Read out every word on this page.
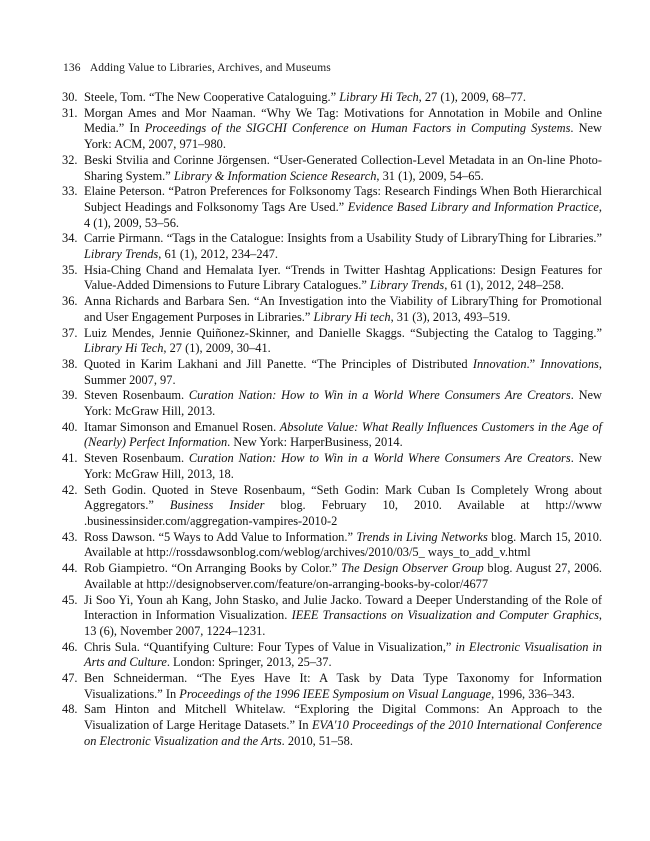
136 Adding Value to Libraries, Archives, and Museums
30. Steele, Tom. “The New Cooperative Cataloguing.” Library Hi Tech, 27 (1), 2009, 68–77.
31. Morgan Ames and Mor Naaman. “Why We Tag: Motivations for Annotation in Mobile and Online Media.” In Proceedings of the SIGCHI Conference on Human Factors in Computing Systems. New York: ACM, 2007, 971–980.
32. Beski Stvilia and Corinne Jörgensen. “User-Generated Collection-Level Metadata in an On-line Photo-Sharing System.” Library & Information Science Research, 31 (1), 2009, 54–65.
33. Elaine Peterson. “Patron Preferences for Folksonomy Tags: Research Findings When Both Hierarchical Subject Headings and Folksonomy Tags Are Used.” Evidence Based Library and Information Practice, 4 (1), 2009, 53–56.
34. Carrie Pirmann. “Tags in the Catalogue: Insights from a Usability Study of LibraryThing for Libraries.” Library Trends, 61 (1), 2012, 234–247.
35. Hsia-Ching Chand and Hemalata Iyer. “Trends in Twitter Hashtag Applications: Design Features for Value-Added Dimensions to Future Library Catalogues.” Library Trends, 61 (1), 2012, 248–258.
36. Anna Richards and Barbara Sen. “An Investigation into the Viability of LibraryThing for Promotional and User Engagement Purposes in Libraries.” Library Hi tech, 31 (3), 2013, 493–519.
37. Luiz Mendes, Jennie Quiñonez-Skinner, and Danielle Skaggs. “Subjecting the Catalog to Tagging.” Library Hi Tech, 27 (1), 2009, 30–41.
38. Quoted in Karim Lakhani and Jill Panette. “The Principles of Distributed Innovation.” Innovations, Summer 2007, 97.
39. Steven Rosenbaum. Curation Nation: How to Win in a World Where Consumers Are Creators. New York: McGraw Hill, 2013.
40. Itamar Simonson and Emanuel Rosen. Absolute Value: What Really Influences Customers in the Age of (Nearly) Perfect Information. New York: HarperBusiness, 2014.
41. Steven Rosenbaum. Curation Nation: How to Win in a World Where Consumers Are Creators. New York: McGraw Hill, 2013, 18.
42. Seth Godin. Quoted in Steve Rosenbaum, “Seth Godin: Mark Cuban Is Completely Wrong about Aggregators.” Business Insider blog. February 10, 2010. Available at http://www .businessinsider.com/aggregation-vampires-2010-2
43. Ross Dawson. “5 Ways to Add Value to Information.” Trends in Living Networks blog. March 15, 2010. Available at http://rossdawsonblog.com/weblog/archives/2010/03/5_ ways_to_add_v.html
44. Rob Giampietro. “On Arranging Books by Color.” The Design Observer Group blog. August 27, 2006. Available at http://designobserver.com/feature/on-arranging-books-by-color/4677
45. Ji Soo Yi, Youn ah Kang, John Stasko, and Julie Jacko. Toward a Deeper Understanding of the Role of Interaction in Information Visualization. IEEE Transactions on Visualization and Computer Graphics, 13 (6), November 2007, 1224–1231.
46. Chris Sula. “Quantifying Culture: Four Types of Value in Visualization,” in Electronic Visualisation in Arts and Culture. London: Springer, 2013, 25–37.
47. Ben Schneiderman. “The Eyes Have It: A Task by Data Type Taxonomy for Information Visualizations.” In Proceedings of the 1996 IEEE Symposium on Visual Language, 1996, 336–343.
48. Sam Hinton and Mitchell Whitelaw. “Exploring the Digital Commons: An Approach to the Visualization of Large Heritage Datasets.” In EVA'10 Proceedings of the 2010 International Conference on Electronic Visualization and the Arts. 2010, 51–58.
